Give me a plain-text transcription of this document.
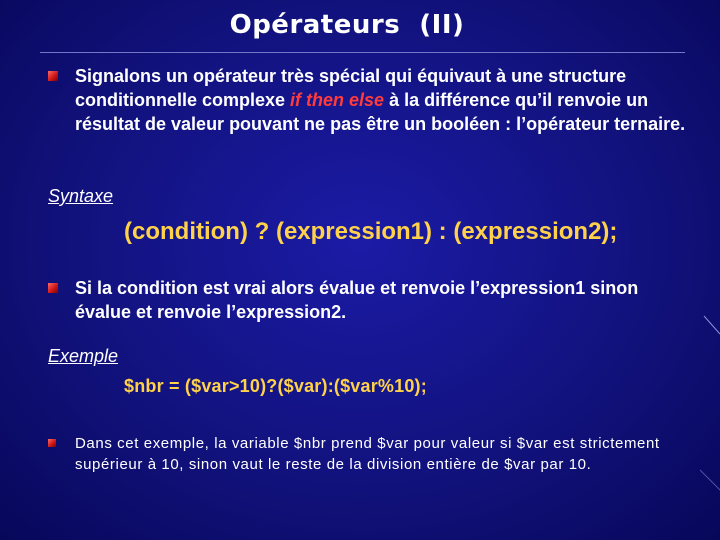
Opérateurs  (II)
Signalons un opérateur très spécial qui équivaut à une structure conditionnelle complexe if then else à la différence qu’il renvoie un résultat de valeur pouvant ne pas être un booléen : l’opérateur ternaire.
Syntaxe
(condition) ? (expression1) : (expression2);
Si la condition est vrai alors évalue et renvoie l’expression1 sinon évalue et renvoie l’expression2.
Exemple
$nbr = ($var>10)?($var):($var%10);
Dans cet exemple, la variable $nbr prend $var pour valeur si $var est strictement supérieur à 10, sinon vaut le reste de la division entière de $var par 10.
